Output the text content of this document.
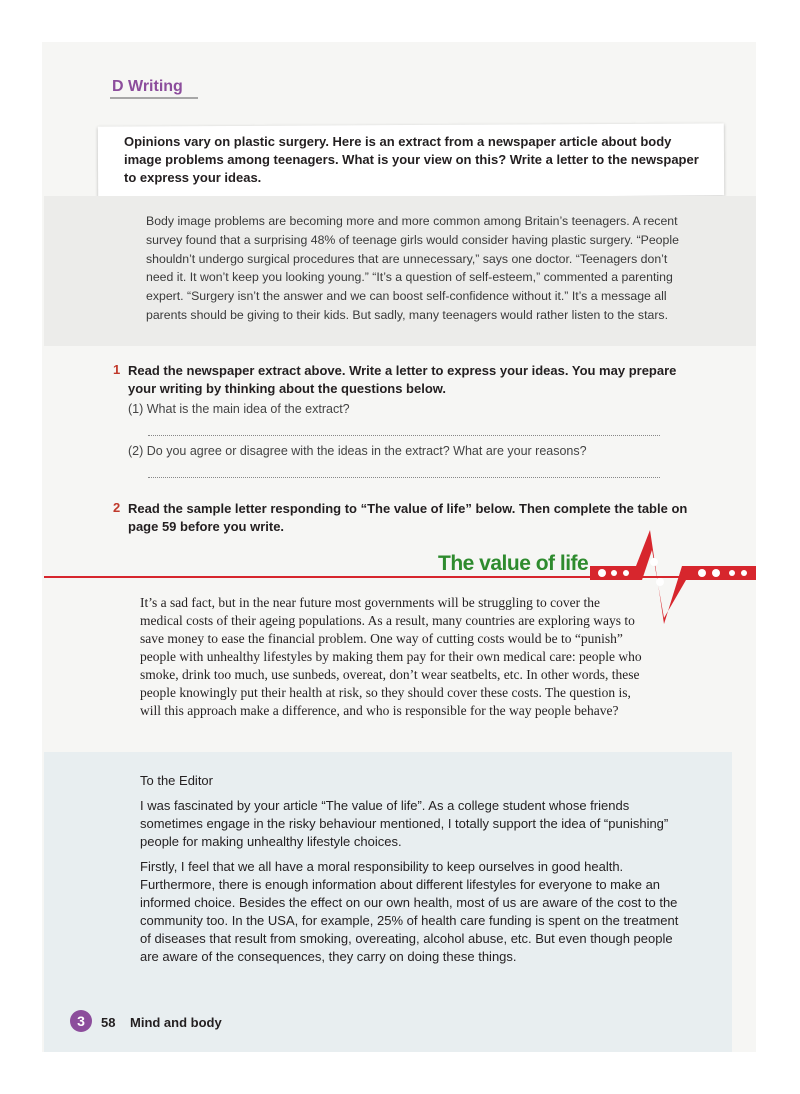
D Writing
Opinions vary on plastic surgery. Here is an extract from a newspaper article about body image problems among teenagers. What is your view on this? Write a letter to the newspaper to express your ideas.
Body image problems are becoming more and more common among Britain’s teenagers. A recent survey found that a surprising 48% of teenage girls would consider having plastic surgery. “People shouldn’t undergo surgical procedures that are unnecessary,” says one doctor. “Teenagers don’t need it. It won’t keep you looking young.” “It’s a question of self-esteem,” commented a parenting expert. “Surgery isn’t the answer and we can boost self-confidence without it.” It’s a message all parents should be giving to their kids. But sadly, many teenagers would rather listen to the stars.
1 Read the newspaper extract above. Write a letter to express your ideas. You may prepare your writing by thinking about the questions below.
(1) What is the main idea of the extract?
(2) Do you agree or disagree with the ideas in the extract? What are your reasons?
2 Read the sample letter responding to “The value of life” below. Then complete the table on page 59 before you write.
The value of life
It’s a sad fact, but in the near future most governments will be struggling to cover the medical costs of their ageing populations. As a result, many countries are exploring ways to save money to ease the financial problem. One way of cutting costs would be to “punish” people with unhealthy lifestyles by making them pay for their own medical care: people who smoke, drink too much, use sunbeds, overeat, don’t wear seatbelts, etc. In other words, these people knowingly put their health at risk, so they should cover these costs. The question is, will this approach make a difference, and who is responsible for the way people behave?

To the Editor

I was fascinated by your article “The value of life”. As a college student whose friends sometimes engage in the risky behaviour mentioned, I totally support the idea of “punishing” people for making unhealthy lifestyle choices.

Firstly, I feel that we all have a moral responsibility to keep ourselves in good health. Furthermore, there is enough information about different lifestyles for everyone to make an informed choice. Besides the effect on our own health, most of us are aware of the cost to the community too. In the USA, for example, 25% of health care funding is spent on the treatment of diseases that result from smoking, overeating, alcohol abuse, etc. But even though people are aware of the consequences, they carry on doing these things.

3	58 Mind and body
